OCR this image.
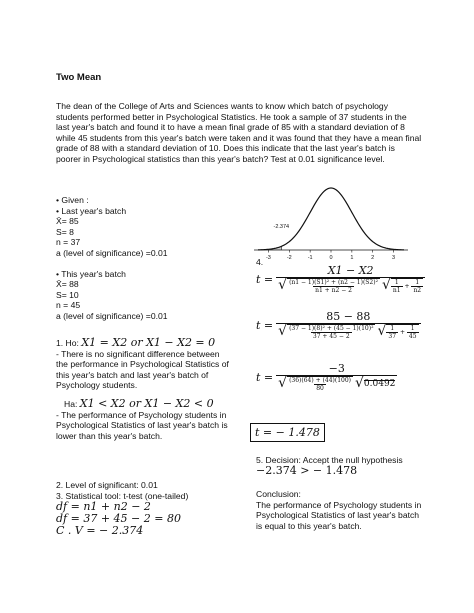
Two Mean
The dean of the College of Arts and Sciences wants to know which batch of psychology students performed better in Psychological Statistics. He took a sample of 37 students in the last year's batch and found it to have a mean final grade of 85 with a standard deviation of 8 while 45 students from this year's batch were taken and it was found that they have a mean final grade of 88 with a standard deviation of 10. Does this indicate that the last year's batch is poorer in Psychological statistics than this year's batch? Test at 0.01 significance level.
• Given :
• Last year's batch
X̄= 85
S= 8
n = 37
a (level of significance) =0.01
• This year's batch
X̄= 88
S= 10
n = 45
a (level of significance) =0.01
1. Ho: X1 = X2 or X1 − X2 = 0
- There is no significant difference between the performance in Psychological Statistics of this year's batch and last year's batch of Psychology students.
Ha: X1 < X2 or X1 − X2 < 0
- The performance of Psychology students in Psychological Statistics of last year's batch is lower than this year's batch.
2. Level of significant: 0.01
3. Statistical tool: t-test (one-tailed)
df = n1 + n2 − 2
df = 37 + 45 − 2 = 80
C . V = − 2.374
-2.374
-3	-2	-1	0	1	2	3
4.
t =
X1 − X2
√ $\frac{\text{(n1 − 1)(S1)² + (n2 − 1)(S2)²}}{n1 + n2 - 2}$ √ $\frac{1}{n1} + \frac{1}{n2}$
t =
85 − 88
√ $\frac{\text{(37 − 1)(8)² + (45 − 1)(10)²}}{37 + 45 - 2}$ √ $\frac{1}{37} + \frac{1}{45}$
t =
−3
√ $\frac{(36)(64) + (44)(100)}{80}$ √ 0.0492
t = − 1.478
5. Decision: Accept the null hypothesis
−2.374 > − 1.478
Conclusion:
The performance of Psychology students in Psychological Statistics of last year's batch is equal to this year's batch.
